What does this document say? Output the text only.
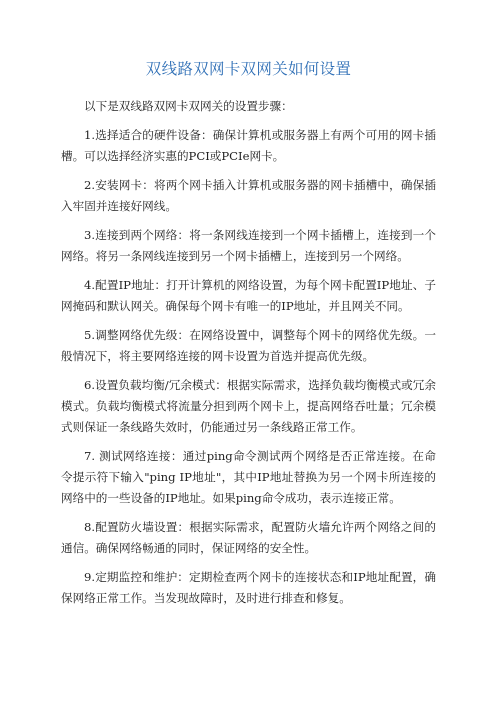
双线路双网卡双网关如何设置

以下是双线路双网卡双网关的设置步骤：

1.选择适合的硬件设备：确保计算机或服务器上有两个可用的网卡插槽。可以选择经济实惠的PCI或PCIe网卡。

2.安装网卡：将两个网卡插入计算机或服务器的网卡插槽中，确保插入牢固并连接好网线。

3.连接到两个网络：将一条网线连接到一个网卡插槽上，连接到一个网络。将另一条网线连接到另一个网卡插槽上，连接到另一个网络。

4.配置IP地址：打开计算机的网络设置，为每个网卡配置IP地址、子网掩码和默认网关。确保每个网卡有唯一的IP地址，并且网关不同。

5.调整网络优先级：在网络设置中，调整每个网卡的网络优先级。一般情况下，将主要网络连接的网卡设置为首选并提高优先级。

6.设置负载均衡/冗余模式：根据实际需求，选择负载均衡模式或冗余模式。负载均衡模式将流量分担到两个网卡上，提高网络吞吐量；冗余模式则保证一条线路失效时，仍能通过另一条线路正常工作。

7. 测试网络连接：通过ping命令测试两个网络是否正常连接。在命令提示符下输入"ping IP地址"，其中IP地址替换为另一个网卡所连接的网络中的一些设备的IP地址。如果ping命令成功，表示连接正常。

8.配置防火墙设置：根据实际需求，配置防火墙允许两个网络之间的通信。确保网络畅通的同时，保证网络的安全性。

9.定期监控和维护：定期检查两个网卡的连接状态和IP地址配置，确保网络正常工作。当发现故障时，及时进行排查和修复。
